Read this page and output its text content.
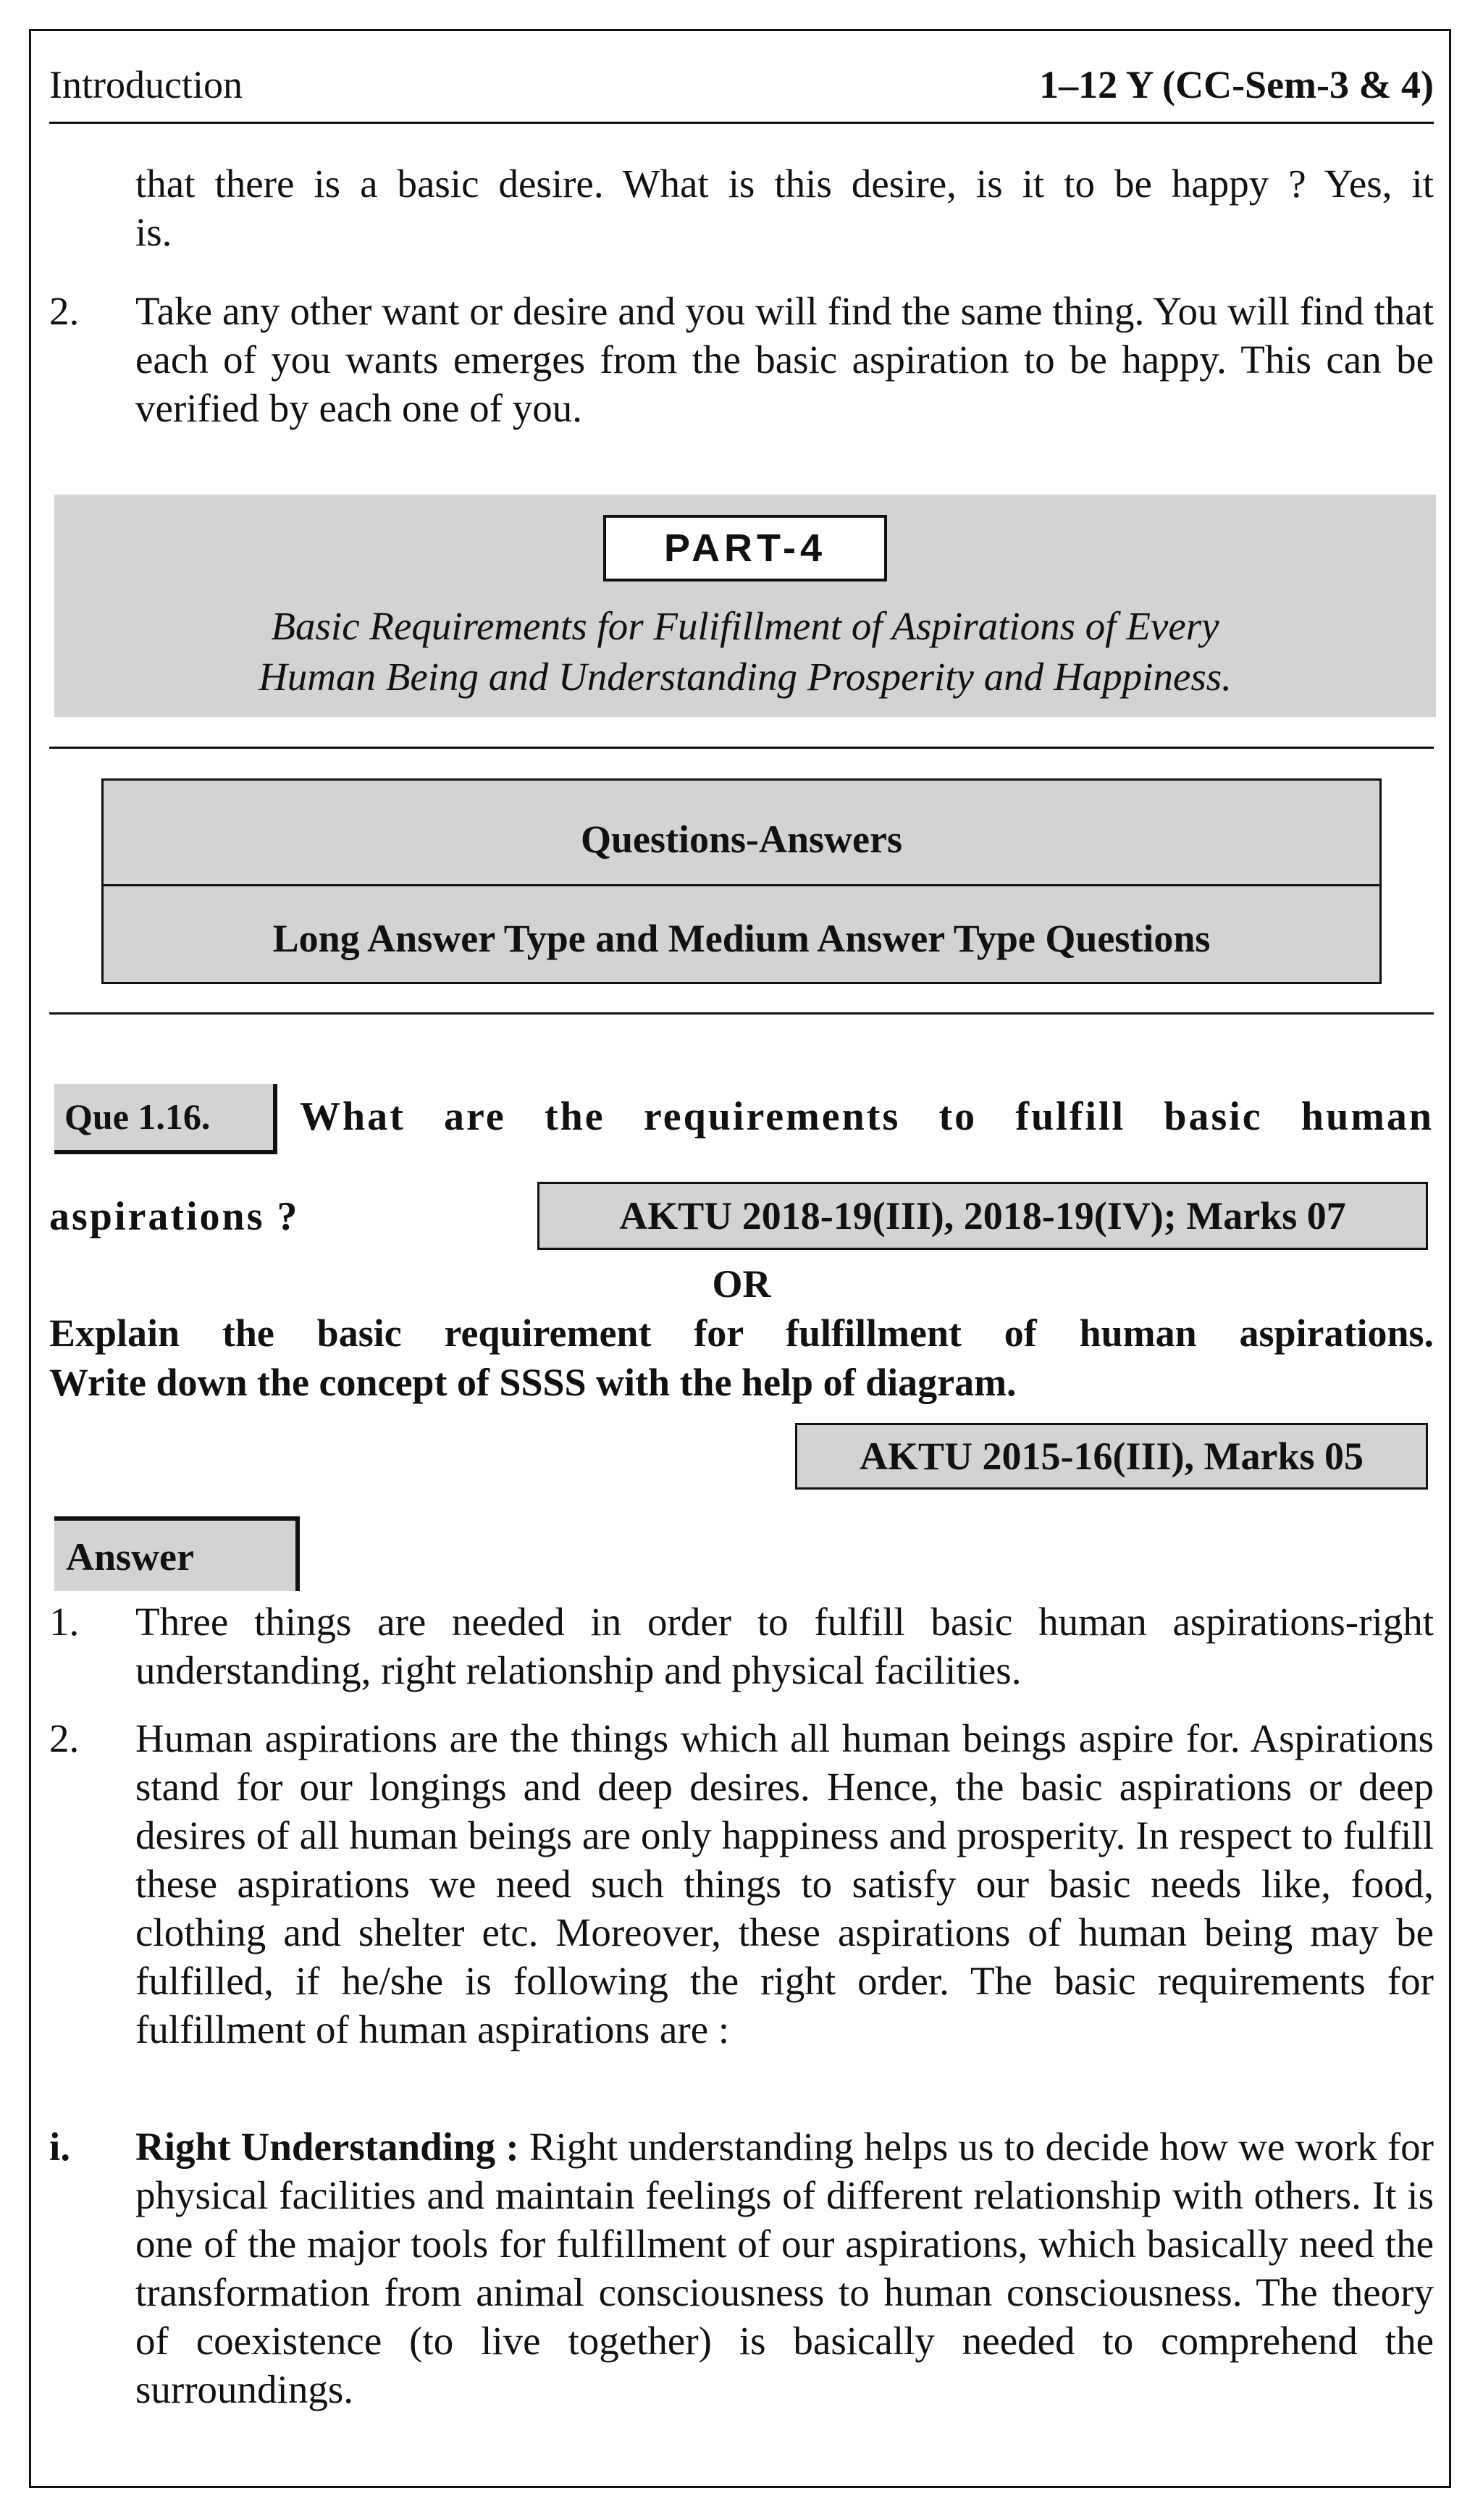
Introduction	1–12 Y (CC-Sem-3 & 4)
that there is a basic desire. What is this desire, is it to be happy ? Yes, it
is.
2. Take any other want or desire and you will find the same thing. You will find that each of you wants emerges from the basic aspiration to be happy. This can be verified by each one of you.
PART-4
Basic Requirements for Fulifillment of Aspirations of Every
Human Being and Understanding Prosperity and Happiness.
Questions-Answers
Long Answer Type and Medium Answer Type Questions
Que 1.16.	What are the requirements to fulfill basic human
aspirations ?	AKTU 2018-19(III), 2018-19(IV); Marks 07
OR
Explain the basic requirement for fulfillment of human aspirations.
Write down the concept of SSSS with the help of diagram.
AKTU 2015-16(III), Marks 05
Answer
1. Three things are needed in order to fulfill basic human aspirations-right understanding, right relationship and physical facilities.
2. Human aspirations are the things which all human beings aspire for. Aspirations stand for our longings and deep desires. Hence, the basic aspirations or deep desires of all human beings are only happiness and prosperity. In respect to fulfill these aspirations we need such things to satisfy our basic needs like, food, clothing and shelter etc. Moreover, these aspirations of human being may be fulfilled, if he/she is following the right order. The basic requirements for fulfillment of human aspirations are :
i. Right Understanding : Right understanding helps us to decide how we work for physical facilities and maintain feelings of different relationship with others. It is one of the major tools for fulfillment of our aspirations, which basically need the transformation from animal consciousness to human consciousness. The theory of coexistence (to live together) is basically needed to comprehend the surroundings.
